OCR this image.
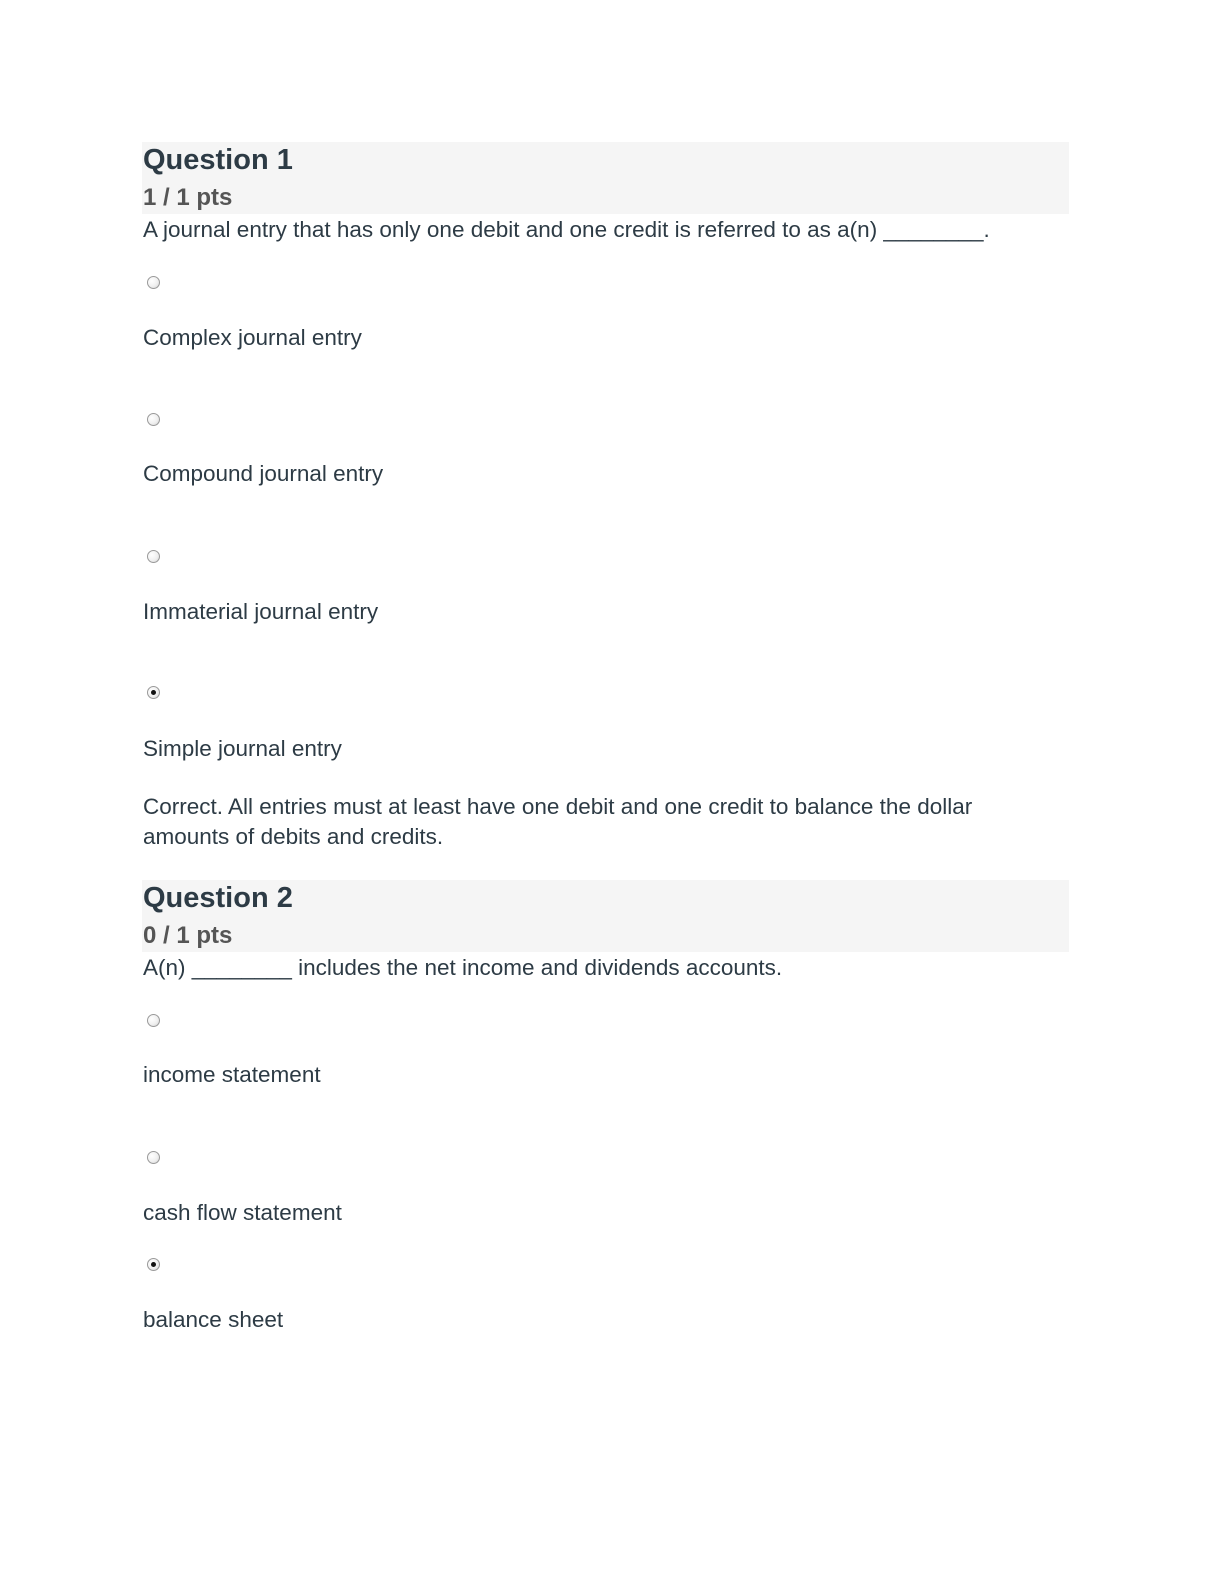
Question 1
1 / 1 pts
A journal entry that has only one debit and one credit is referred to as a(n) ________.
Complex journal entry
Compound journal entry
Immaterial journal entry
Simple journal entry
Correct. All entries must at least have one debit and one credit to balance the dollar amounts of debits and credits.
Question 2
0 / 1 pts
A(n) ________ includes the net income and dividends accounts.
income statement
cash flow statement
balance sheet
